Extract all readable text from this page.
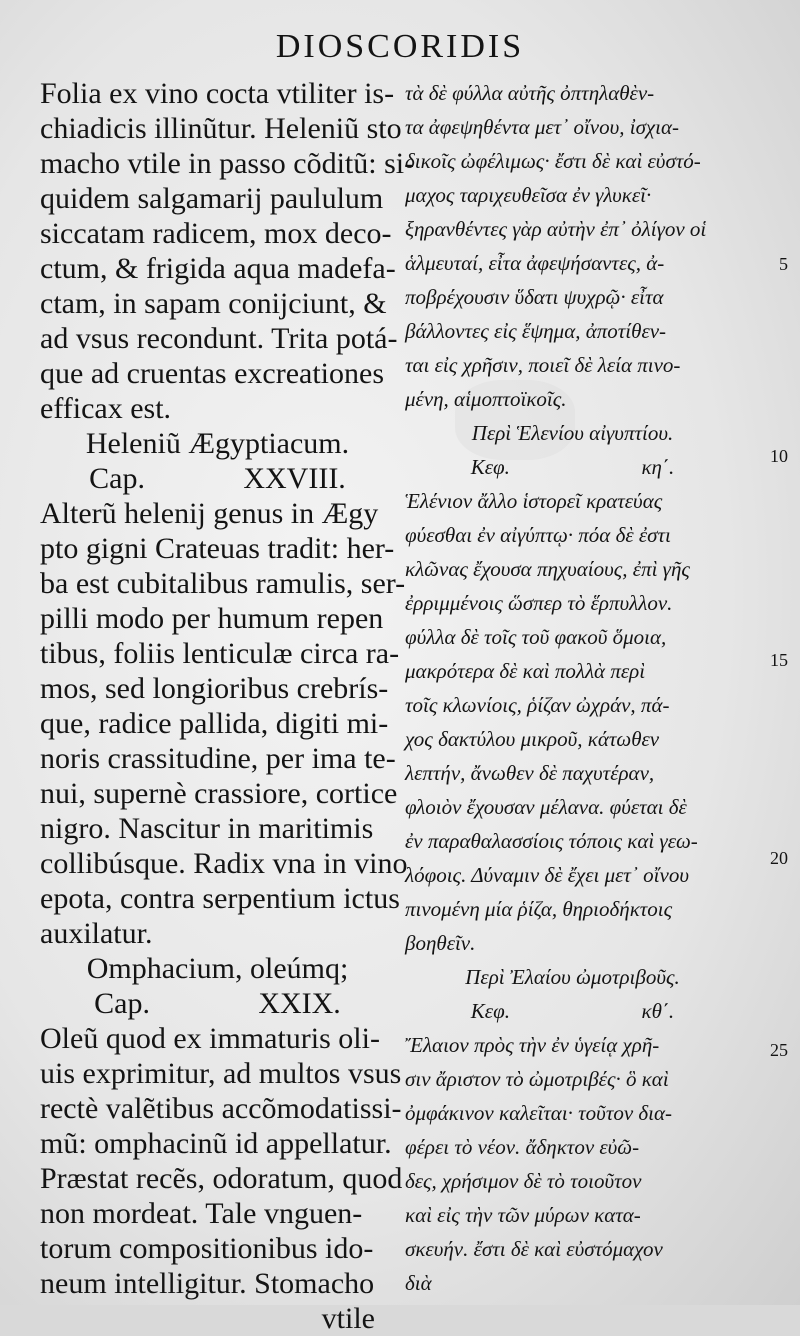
DIOSCORIDIS
Folia ex vino cocta vtiliter is-
chiadicis illinũtur. Heleniũ sto
macho vtile in passo cõditũ: si-
quidem salgamarij paululum
siccatam radicem, mox deco-
ctum, & frigida aqua madefa-
ctam, in sapam conijciunt, &
ad vsus recondunt. Trita potá-
que ad cruentas excreationes
efficax est.
Heleniũ Ægyptiacum.
Cap.	XXVIII.
Alterũ helenij genus in Ægy
pto gigni Crateuas tradit: her-
ba est cubitalibus ramulis, ser-
pilli modo per humum repen
tibus, foliis lenticulæ circa ra-
mos, sed longioribus crebrís-
que, radice pallida, digiti mi-
noris crassitudine, per ima te-
nui, supernè crassiore, cortice
nigro. Nascitur in maritimis
collibúsque. Radix vna in vino
epota, contra serpentium ictus
auxilatur.
Omphacium, oleúmq;
Cap.	XXIX.
Oleũ quod ex immaturis oli-
uis exprimitur, ad multos vsus
rectè valẽtibus accõmodatissi-
mũ: omphacinũ id appellatur.
Præstat recẽs, odoratum, quod
non mordeat. Tale vnguen-
torum compositionibus ido-
neum intelligitur. Stomacho
vtile
τὰ δὲ φύλλα αὐτῆς ὀπτηλαθὲν-
τα ἀφεψηθέντα μετ᾽ οἴνου, ἰσχια-
δικοῖς ὠφέλιμως· ἔστι δὲ καὶ εὐστό-
μαχος ταριχευθεῖσα ἐν γλυκεῖ·
ξηρανθέντες γὰρ αὐτὴν ἐπ᾽ ὀλίγον οἱ
ἁλμευταί, εἶτα ἀφεψήσαντες, ἀ-
ποβρέχουσιν ὕδατι ψυχρῷ· εἶτα
βάλλοντες εἰς ἕψημα, ἀποτίθεν-
ται εἰς χρῆσιν, ποιεῖ δὲ λεία πινο-
μένη, αἱμοπτοϊκοῖς.
Περὶ Ἑλενίου αἰγυπτίου.
Κεφ.	κη΄.
Ἑλένιον ἄλλο ἱστορεῖ κρατεύας
φύεσθαι ἐν αἰγύπτῳ· πόα δὲ ἐστι
κλῶνας ἔχουσα πηχυαίους, ἐπὶ γῆς
ἐρριμμένοις ὥσπερ τὸ ἕρπυλλον.
φύλλα δὲ τοῖς τοῦ φακοῦ ὅμοια,
μακρότερα δὲ καὶ πολλὰ περὶ
τοῖς κλωνίοις, ῥίζαν ὠχράν, πά-
χος δακτύλου μικροῦ, κάτωθεν
λεπτήν, ἄνωθεν δὲ παχυτέραν,
φλοιὸν ἔχουσαν μέλανα. φύεται δὲ
ἐν παραθαλασσίοις τόποις καὶ γεω-
λόφοις. Δύναμιν δὲ ἔχει μετ᾽ οἴνου
πινομένη μία ῥίζα, θηριοδήκτοις
βοηθεῖν.
Περὶ Ἐλαίου ὠμοτριβοῦς.
Κεφ.	κθ΄.
Ἔλαιον πρὸς τὴν ἐν ὑγείᾳ χρῆ-
σιν ἄριστον τὸ ὠμοτριβές· ὃ καὶ
ὀμφάκινον καλεῖται· τοῦτον δια-
φέρει τὸ νέον. ἄδηκτον εὐῶ-
δες, χρήσιμον δὲ τὸ τοιοῦτον
καὶ εἰς τὴν τῶν μύρων κατα-
σκευήν. ἔστι δὲ καὶ εὐστόμαχον
διὰ
5
10
15
20
25
